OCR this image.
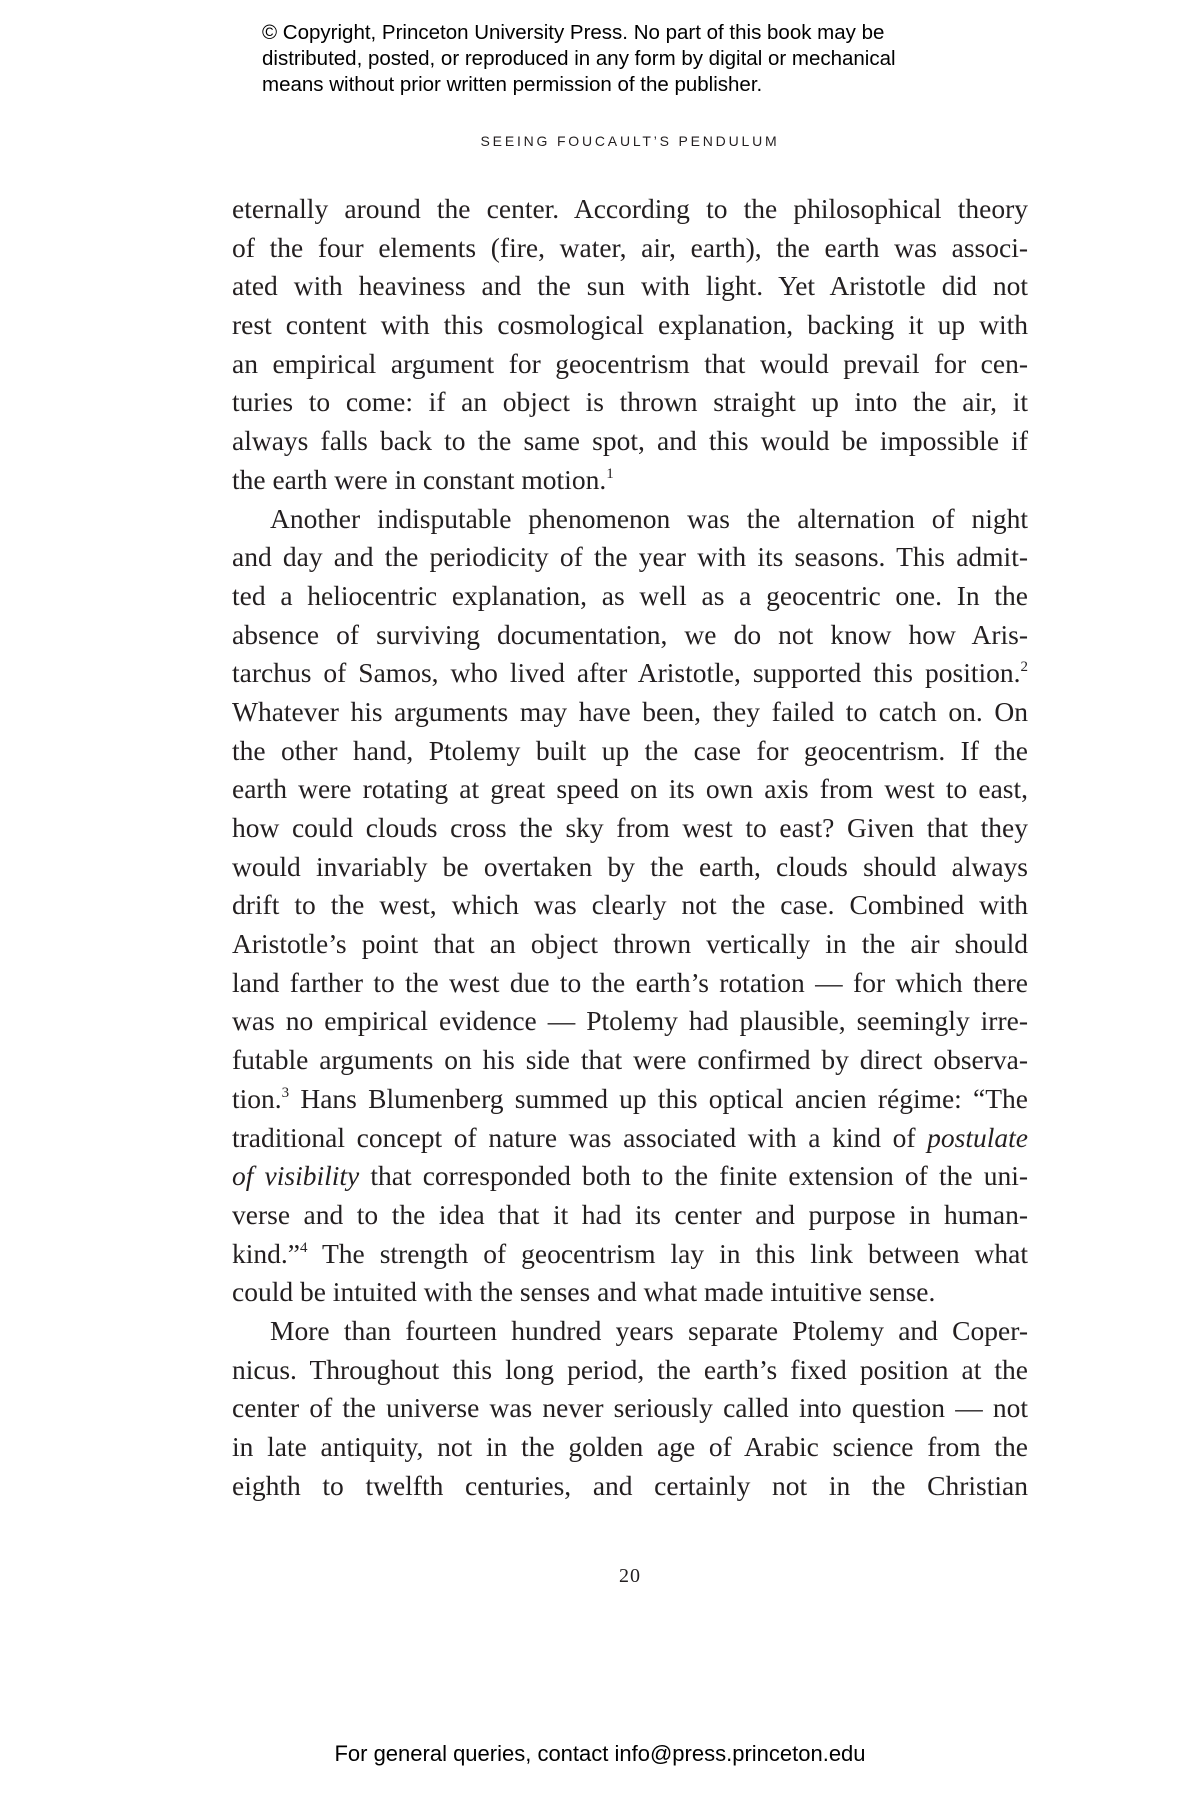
© Copyright, Princeton University Press. No part of this book may be
distributed, posted, or reproduced in any form by digital or mechanical
means without prior written permission of the publisher.
SEEING FOUCAULT’S PENDULUM
eternally around the center. According to the philosophical theory
of the four elements (fire, water, air, earth), the earth was associ-
ated with heaviness and the sun with light. Yet Aristotle did not
rest content with this cosmological explanation, backing it up with
an empirical argument for geocentrism that would prevail for cen-
turies to come: if an object is thrown straight up into the air, it
always falls back to the same spot, and this would be impossible if
the earth were in constant motion.$^1$
Another indisputable phenomenon was the alternation of night
and day and the periodicity of the year with its seasons. This admit-
ted a heliocentric explanation, as well as a geocentric one. In the
absence of surviving documentation, we do not know how Aris-
tarchus of Samos, who lived after Aristotle, supported this position.$^2$
Whatever his arguments may have been, they failed to catch on. On
the other hand, Ptolemy built up the case for geocentrism. If the
earth were rotating at great speed on its own axis from west to east,
how could clouds cross the sky from west to east? Given that they
would invariably be overtaken by the earth, clouds should always
drift to the west, which was clearly not the case. Combined with
Aristotle’s point that an object thrown vertically in the air should
land farther to the west due to the earth’s rotation — for which there
was no empirical evidence — Ptolemy had plausible, seemingly irre-
futable arguments on his side that were confirmed by direct observa-
tion.$^3$ Hans Blumenberg summed up this optical ancien régime: “The
traditional concept of nature was associated with a kind of postulate
of visibility that corresponded both to the finite extension of the uni-
verse and to the idea that it had its center and purpose in human-
kind.”$^4$ The strength of geocentrism lay in this link between what
could be intuited with the senses and what made intuitive sense.
More than fourteen hundred years separate Ptolemy and Coper-
nicus. Throughout this long period, the earth’s fixed position at the
center of the universe was never seriously called into question — not
in late antiquity, not in the golden age of Arabic science from the
eighth to twelfth centuries, and certainly not in the Christian
20
For general queries, contact info@press.princeton.edu
